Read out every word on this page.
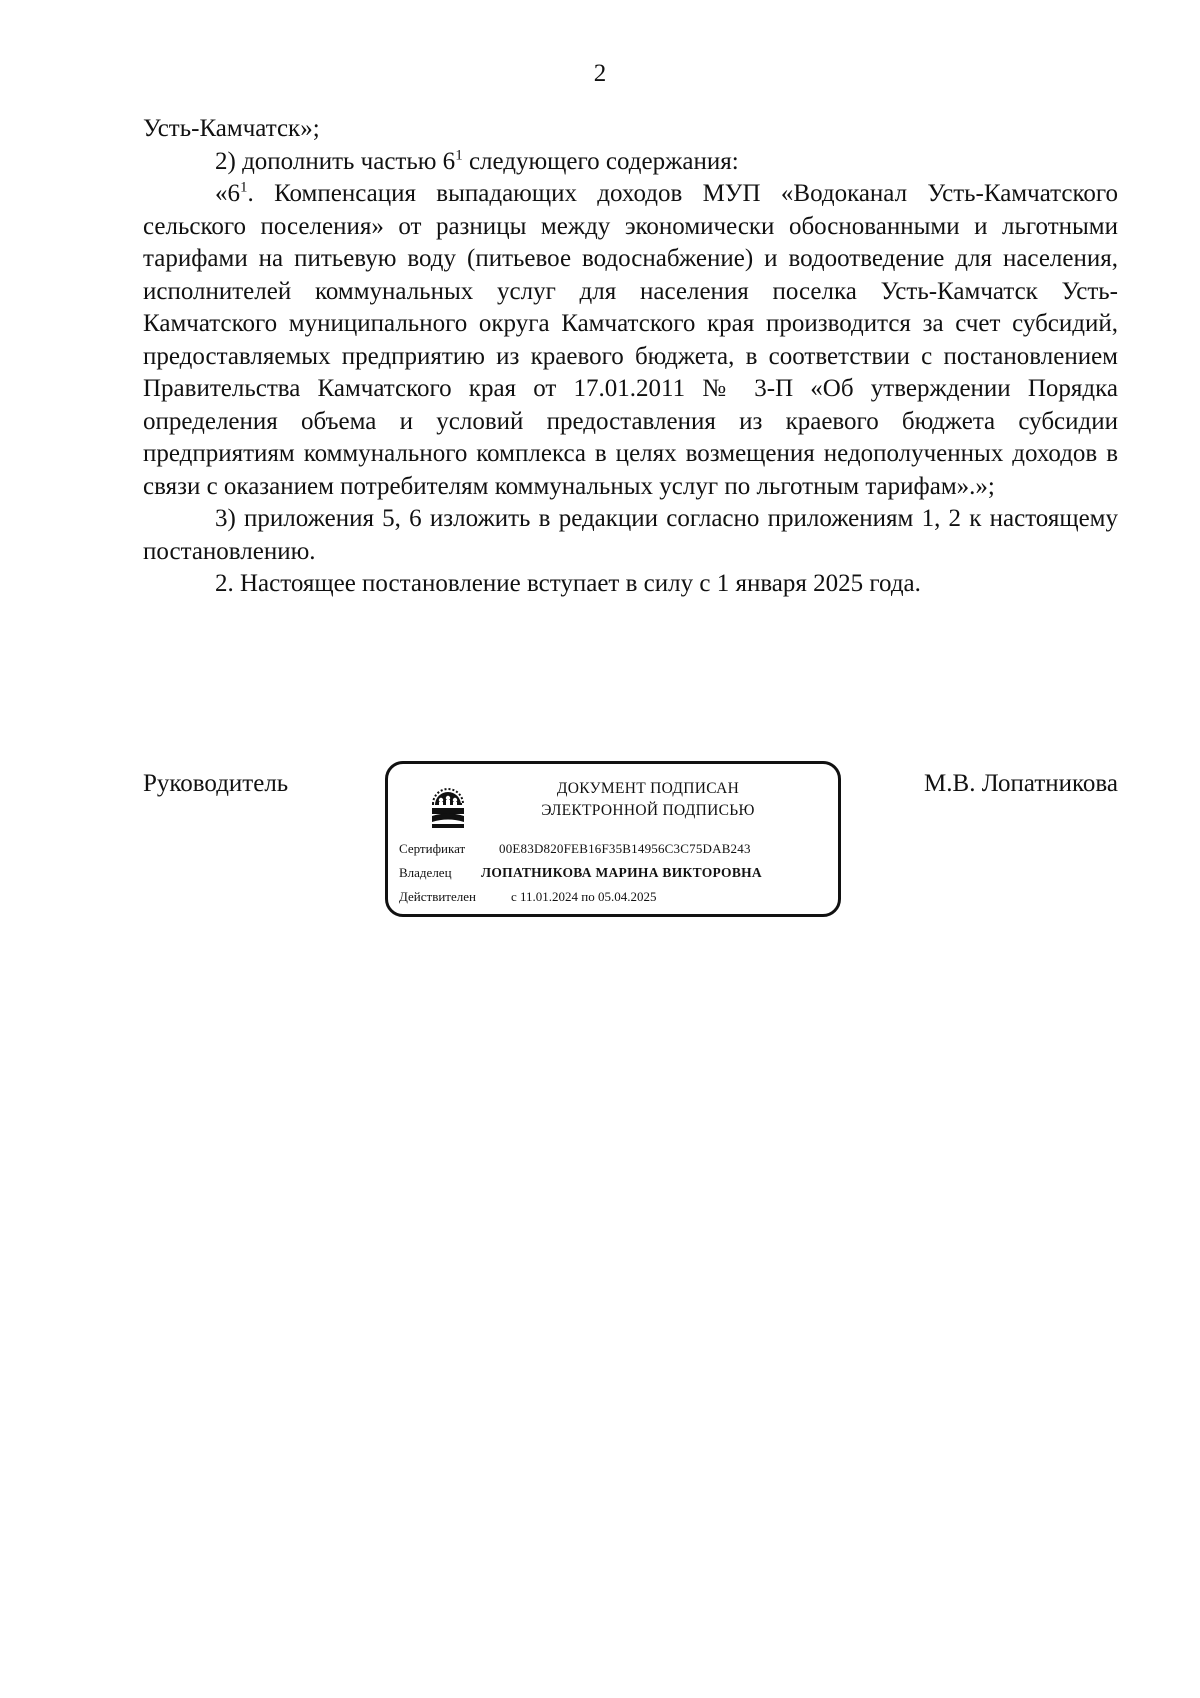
2

Усть-Камчатск»;

2) дополнить частью $6^1$ следующего содержания:

«$6^1$. Компенсация выпадающих доходов МУП «Водоканал Усть-Камчатского сельского поселения» от разницы между экономически обоснованными и льготными тарифами на питьевую воду (питьевое водоснабжение) и водоотведение для населения, исполнителей коммунальных услуг для населения поселка Усть-Камчатск Усть-Камчатского муниципального округа Камчатского края производится за счет субсидий, предоставляемых предприятию из краевого бюджета, в соответствии с постановлением Правительства Камчатского края от 17.01.2011 № 3-П «Об утверждении Порядка определения объема и условий предоставления из краевого бюджета субсидии предприятиям коммунального комплекса в целях возмещения недополученных доходов в связи с оказанием потребителям коммунальных услуг по льготным тарифам».»;

3) приложения 5, 6 изложить в редакции согласно приложениям 1, 2 к настоящему постановлению.

2. Настоящее постановление вступает в силу с 1 января 2025 года.

Руководитель	ДОКУМЕНТ ПОДПИСАН
ЭЛЕКТРОННОЙ ПОДПИСЬЮ
Сертификат	00E83D820FEB16F35B14956C3C75DAB243
Владелец ЛОПАТНИКОВА МАРИНА ВИКТОРОВНА
Действителен	с 11.01.2024 по 05.04.2025
М.В. Лопатникова
